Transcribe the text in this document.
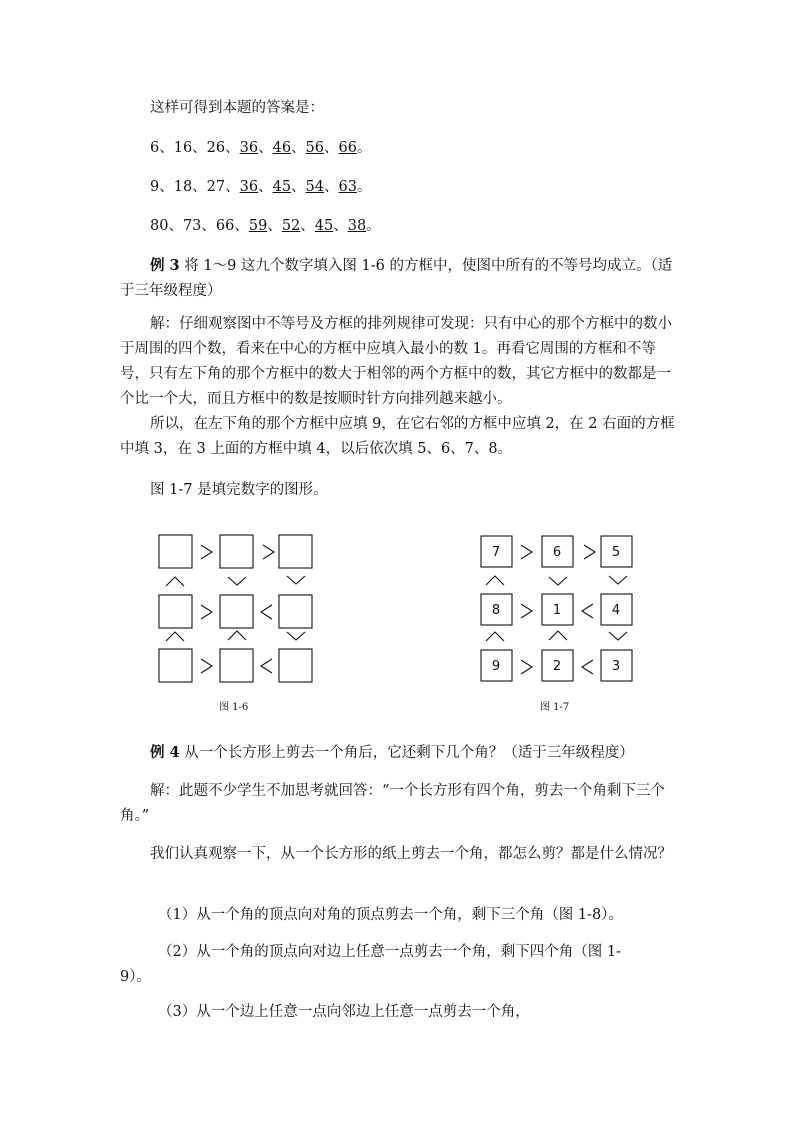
这样可得到本题的答案是：
6、16、26、36、46、56、66。
9、18、27、36、45、54、63。
80、73、66、59、52、45、38。
例 3 将 1～9 这九个数字填入图 1-6 的方框中，使图中所有的不等号均成立。（适于三年级程度）
解：仔细观察图中不等号及方框的排列规律可发现：只有中心的那个方框中的数小于周围的四个数，看来在中心的方框中应填入最小的数 1。再看它周围的方框和不等号，只有左下角的那个方框中的数大于相邻的两个方框中的数，其它方框中的数都是一个比一个大，而且方框中的数是按顺时针方向排列越来越小。
所以，在左下角的那个方框中应填 9，在它右邻的方框中应填 2，在 2 右面的方框中填 3，在 3 上面的方框中填 4，以后依次填 5、6、7、8。
图 1-7 是填完数字的图形。
7	6	5
8	1	4
9	2	3
图 1-6	图 1-7
例 4 从一个长方形上剪去一个角后，它还剩下几个角？（适于三年级程度）
解：此题不少学生不加思考就回答：“一个长方形有四个角，剪去一个角剩下三个角。”
我们认真观察一下，从一个长方形的纸上剪去一个角，都怎么剪？都是什么情况？
（1）从一个角的顶点向对角的顶点剪去一个角，剩下三个角（图 1-8）。
（2）从一个角的顶点向对边上任意一点剪去一个角，剩下四个角（图 1-9）。
（3）从一个边上任意一点向邻边上任意一点剪去一个角，
